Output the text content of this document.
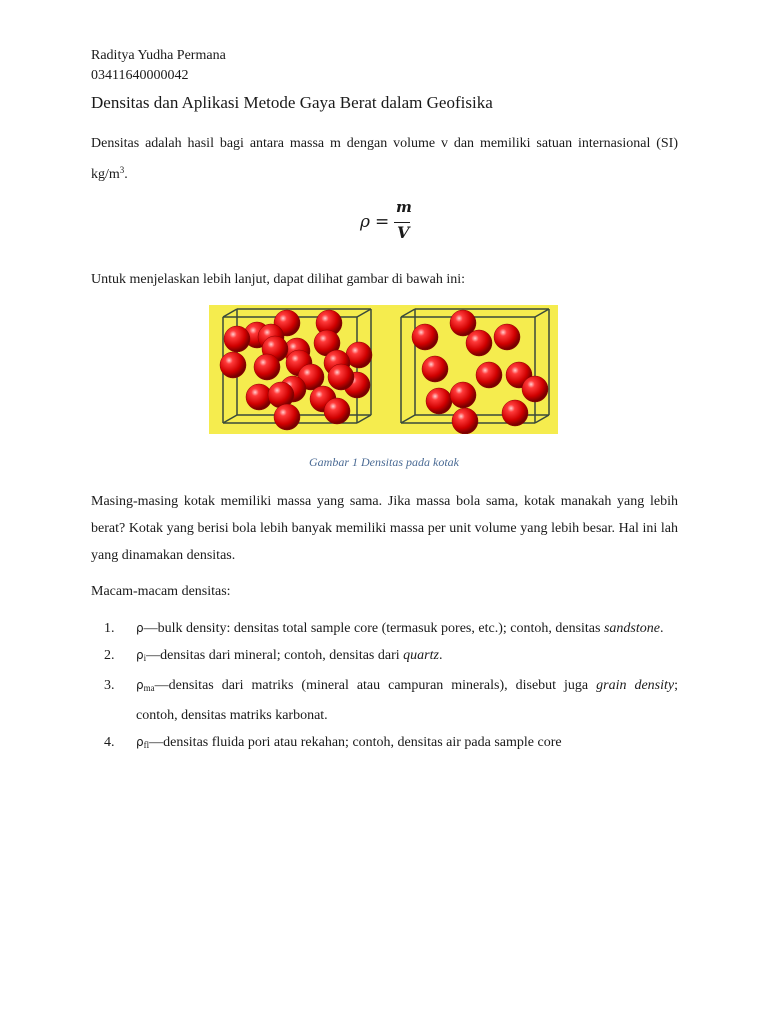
Raditya Yudha Permana
03411640000042
Densitas dan Aplikasi Metode Gaya Berat dalam Geofisika
Densitas adalah hasil bagi antara massa m dengan volume v dan memiliki satuan internasional (SI) $kg/m^3$.
ρ =
m
V
Untuk menjelaskan lebih lanjut, dapat dilihat gambar di bawah ini:
Gambar 1 Densitas pada kotak
Masing-masing kotak memiliki massa yang sama. Jika massa bola sama, kotak manakah yang lebih berat? Kotak yang berisi bola lebih banyak memiliki massa per unit volume yang lebih besar. Hal ini lah yang dinamakan densitas.
Macam-macam densitas:
1. ρ—bulk density: densitas total sample core (termasuk pores, etc.); contoh, densitas sandstone.
2. $\rho_i—densitas$ dari mineral; contoh, densitas dari quartz.
3. $\rho_{ma}—densitas$ dari matriks (mineral atau campuran minerals), disebut juga grain density; contoh, densitas matriks karbonat.
4. $\rho_{fl}—densitas$ fluida pori atau rekahan; contoh, densitas air pada sample core
